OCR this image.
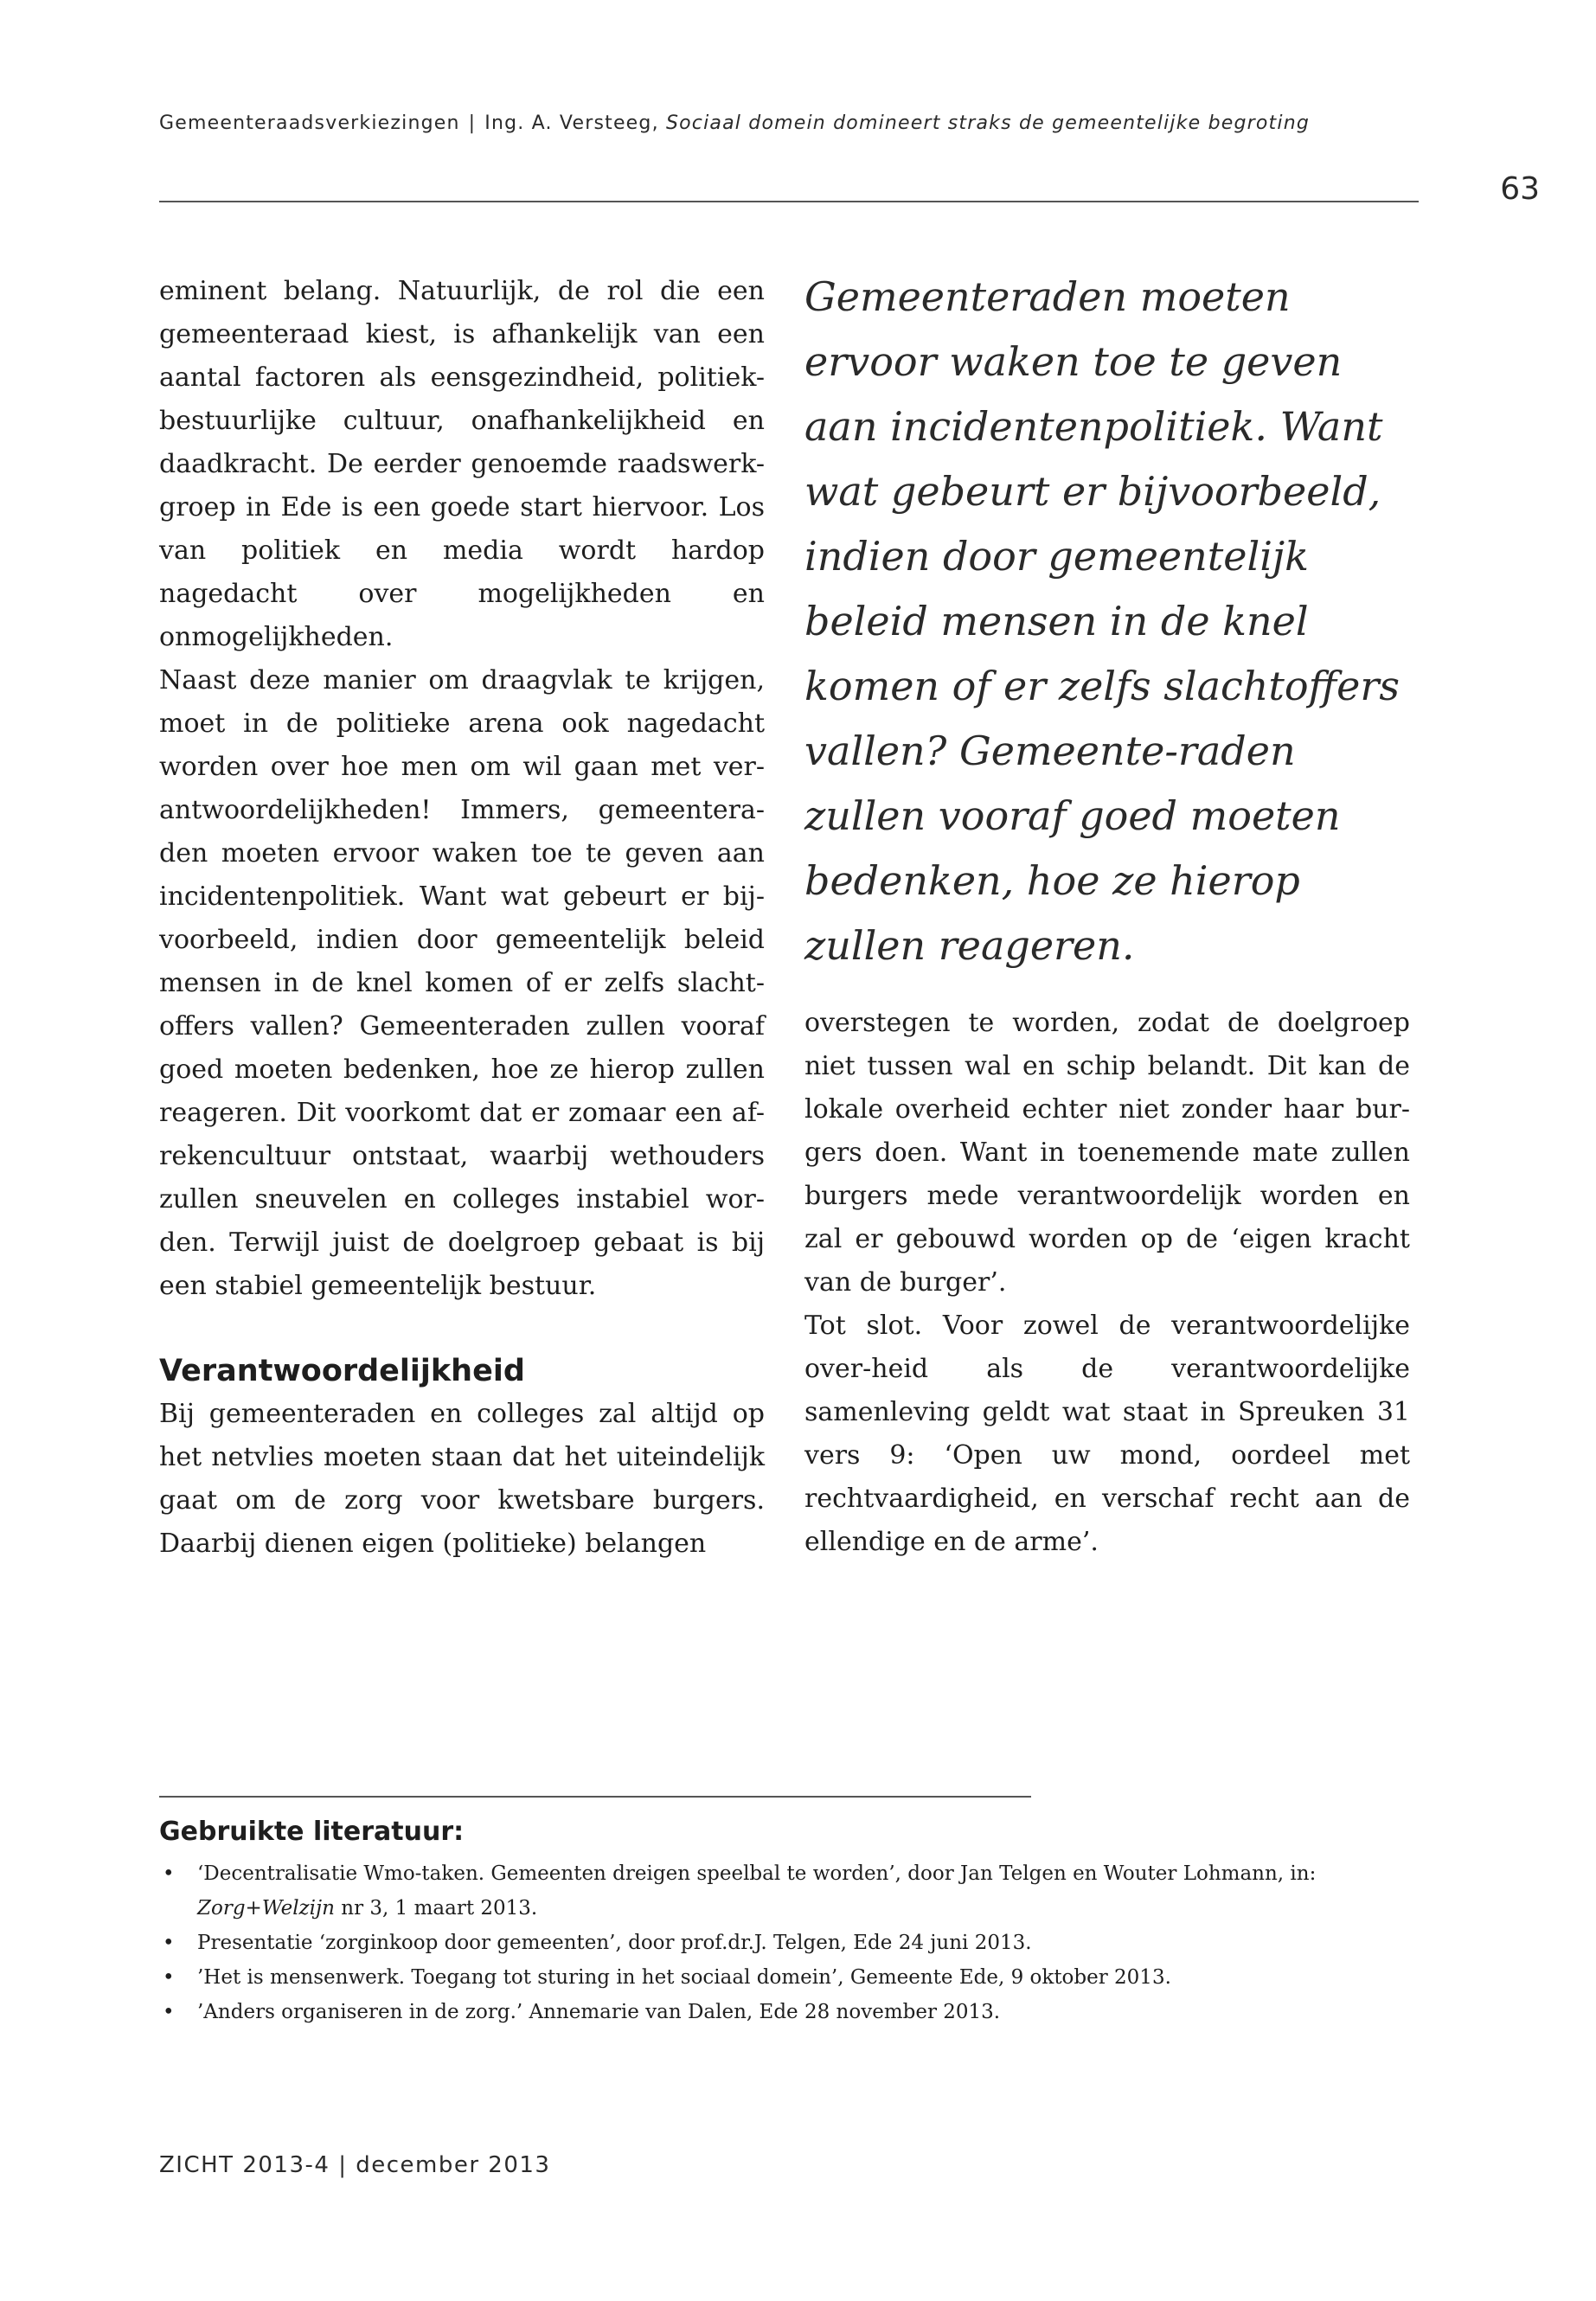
Gemeenteraadsverkiezingen | Ing. A. Versteeg, Sociaal domein domineert straks de gemeentelijke begroting
63

eminent belang. Natuurlijk, de rol die een gemeenteraad kiest, is afhankelijk van een aantal factoren als eensgezindheid, politiek-bestuurlijke cultuur, onafhankelijkheid en daadkracht. De eerder genoemde raadswerk-groep in Ede is een goede start hiervoor. Los van politiek en media wordt hardop nagedacht over mogelijkheden en onmogelijkheden.

Naast deze manier om draagvlak te krijgen, moet in de politieke arena ook nagedacht worden over hoe men om wil gaan met ver-antwoordelijkheden! Immers, gemeentera-den moeten ervoor waken toe te geven aan incidentenpolitiek. Want wat gebeurt er bij-voorbeeld, indien door gemeentelijk beleid mensen in de knel komen of er zelfs slacht-offers vallen? Gemeenteraden zullen vooraf goed moeten bedenken, hoe ze hierop zullen reageren. Dit voorkomt dat er zomaar een af-rekencultuur ontstaat, waarbij wethouders zullen sneuvelen en colleges instabiel wor-den. Terwijl juist de doelgroep gebaat is bij een stabiel gemeentelijk bestuur.

Verantwoordelijkheid

Bij gemeenteraden en colleges zal altijd op het netvlies moeten staan dat het uiteindelijk gaat om de zorg voor kwetsbare burgers. Daarbij dienen eigen (politieke) belangen

Gemeenteraden moeten ervoor waken toe te geven aan incidentenpolitiek. Want wat gebeurt er bijvoorbeeld, indien door gemeentelijk beleid mensen in de knel komen of er zelfs slachtoffers vallen? Gemeente-raden zullen vooraf goed moeten bedenken, hoe ze hierop zullen reageren.

overstegen te worden, zodat de doelgroep niet tussen wal en schip belandt. Dit kan de lokale overheid echter niet zonder haar bur-gers doen. Want in toenemende mate zullen burgers mede verantwoordelijk worden en zal er gebouwd worden op de ‘eigen kracht van de burger’.

Tot slot. Voor zowel de verantwoordelijke over-heid als de verantwoordelijke samenleving geldt wat staat in Spreuken 31 vers 9: ‘Open uw mond, oordeel met rechtvaardigheid, en verschaf recht aan de ellendige en de arme’.

Gebruikte literatuur:
• ‘Decentralisatie Wmo-taken. Gemeenten dreigen speelbal te worden’, door Jan Telgen en Wouter Lohmann, in:
Zorg+Welzijn nr 3, 1 maart 2013.
• Presentatie ‘zorginkoop door gemeenten’, door prof.dr.J. Telgen, Ede 24 juni 2013.
• ’Het is mensenwerk. Toegang tot sturing in het sociaal domein’, Gemeente Ede, 9 oktober 2013.
• ’Anders organiseren in de zorg.’ Annemarie van Dalen, Ede 28 november 2013.
ZICHT 2013-4 | december 2013
